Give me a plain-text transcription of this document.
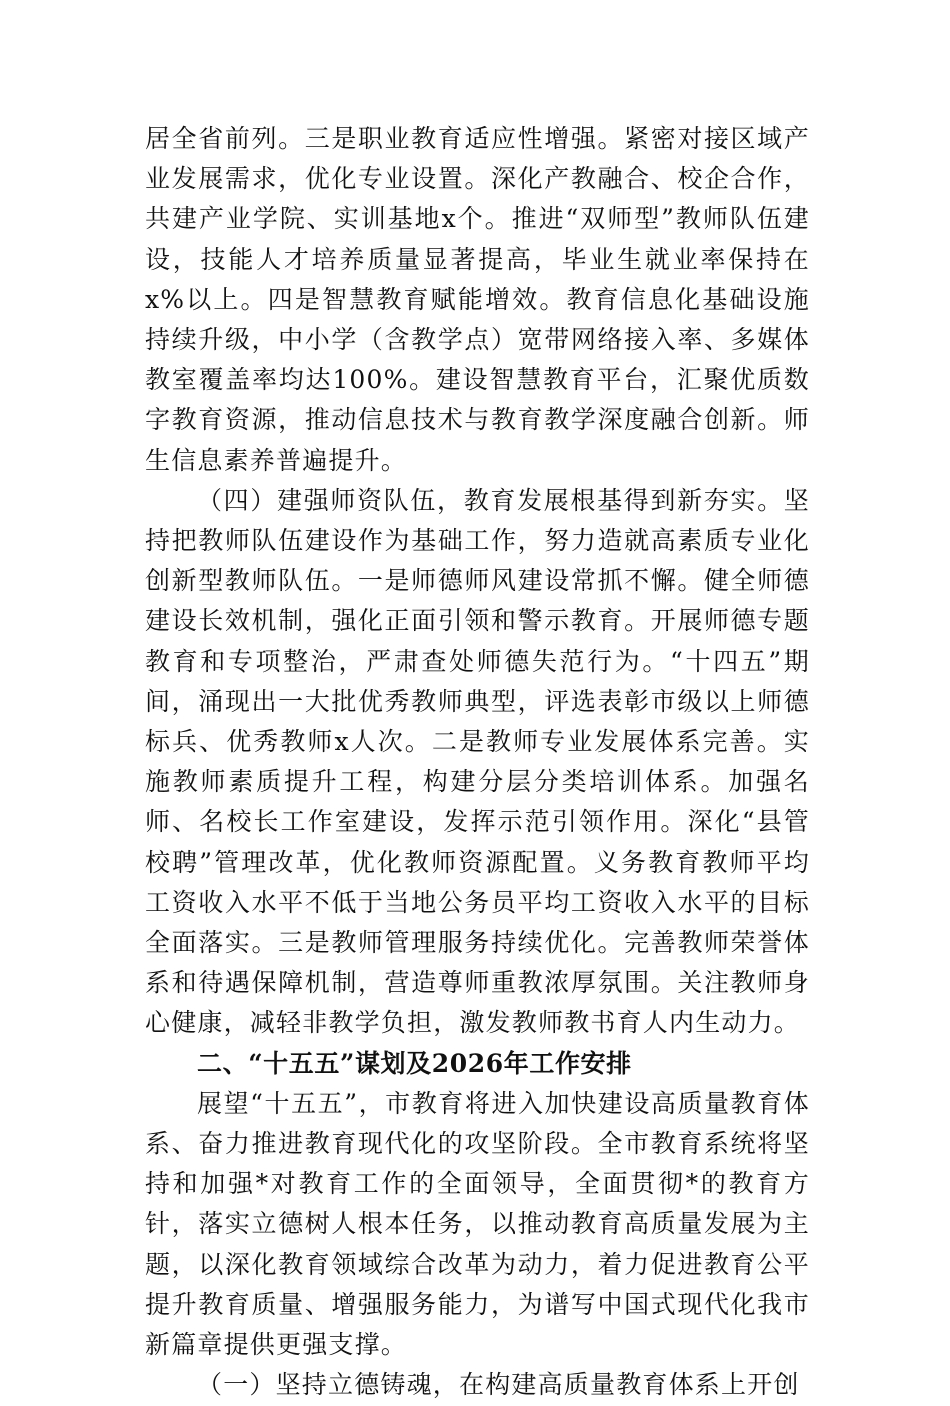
居全省前列。三是职业教育适应性增强。紧密对接区域产业发展需求，优化专业设置。深化产教融合、校企合作，共建产业学院、实训基地x个。推进“双师型”教师队伍建设，技能人才培养质量显著提高，毕业生就业率保持在x%以上。四是智慧教育赋能增效。教育信息化基础设施持续升级，中小学（含教学点）宽带网络接入率、多媒体教室覆盖率均达100%。建设智慧教育平台，汇聚优质数字教育资源，推动信息技术与教育教学深度融合创新。师生信息素养普遍提升。

（四）建强师资队伍，教育发展根基得到新夯实。坚持把教师队伍建设作为基础工作，努力造就高素质专业化创新型教师队伍。一是师德师风建设常抓不懈。健全师德建设长效机制，强化正面引领和警示教育。开展师德专题教育和专项整治，严肃查处师德失范行为。“十四五”期间，涌现出一大批优秀教师典型，评选表彰市级以上师德标兵、优秀教师x人次。二是教师专业发展体系完善。实施教师素质提升工程，构建分层分类培训体系。加强名师、名校长工作室建设，发挥示范引领作用。深化“县管校聘”管理改革，优化教师资源配置。义务教育教师平均工资收入水平不低于当地公务员平均工资收入水平的目标全面落实。三是教师管理服务持续优化。完善教师荣誉体系和待遇保障机制，营造尊师重教浓厚氛围。关注教师身心健康，减轻非教学负担，激发教师教书育人内生动力。

二、“十五五”谋划及2026年工作安排

展望“十五五”，市教育将进入加快建设高质量教育体系、奋力推进教育现代化的攻坚阶段。全市教育系统将坚持和加强*对教育工作的全面领导，全面贯彻*的教育方针，落实立德树人根本任务，以推动教育高质量发展为主题，以深化教育领域综合改革为动力，着力促进教育公平提升教育质量、增强服务能力，为谱写中国式现代化我市新篇章提供更强支撑。

（一）坚持立德铸魂，在构建高质量教育体系上开创
